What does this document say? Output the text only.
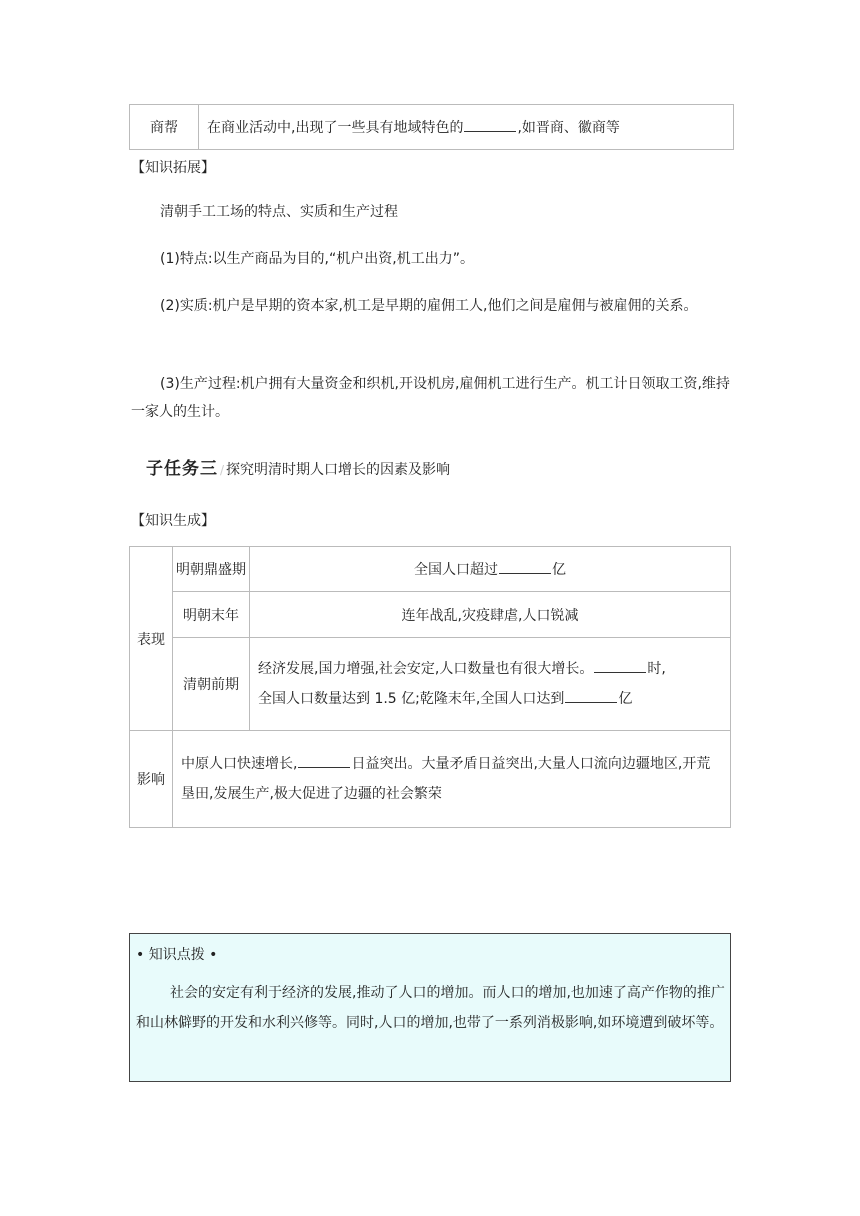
商帮	在商业活动中,出现了一些具有地域特色的	,如晋商、徽商等
【知识拓展】
清朝手工工场的特点、实质和生产过程
(1)特点:以生产商品为目的,“机户出资,机工出力”。
(2)实质:机户是早期的资本家,机工是早期的雇佣工人,他们之间是雇佣与被雇佣的关系。
(3)生产过程:机户拥有大量资金和织机,开设机房,雇佣机工进行生产。机工计日领取工资,维持一家人的生计。
子任务三 / 探究明清时期人口增长的因素及影响
【知识生成】
表现	明朝鼎盛期	全国人口超过 亿
	明朝末年	连年战乱,灾疫肆虐,人口锐减
	清朝前期	经济发展,国力增强,社会安定,人口数量也有很大增长。 时,
全国人口数量达到 1.5 亿;乾隆末年,全国人口达到 亿

影响	中原人口快速增长, 日益突出。大量矛盾日益突出,大量人口流向边疆地区,开荒垦田,发展生产,极大促进了边疆的社会繁荣	
• 知识点拨 •
社会的安定有利于经济的发展,推动了人口的增加。而人口的增加,也加速了高产作物的推广和山林僻野的开发和水利兴修等。同时,人口的增加,也带了一系列消极影响,如环境遭到破坏等。
